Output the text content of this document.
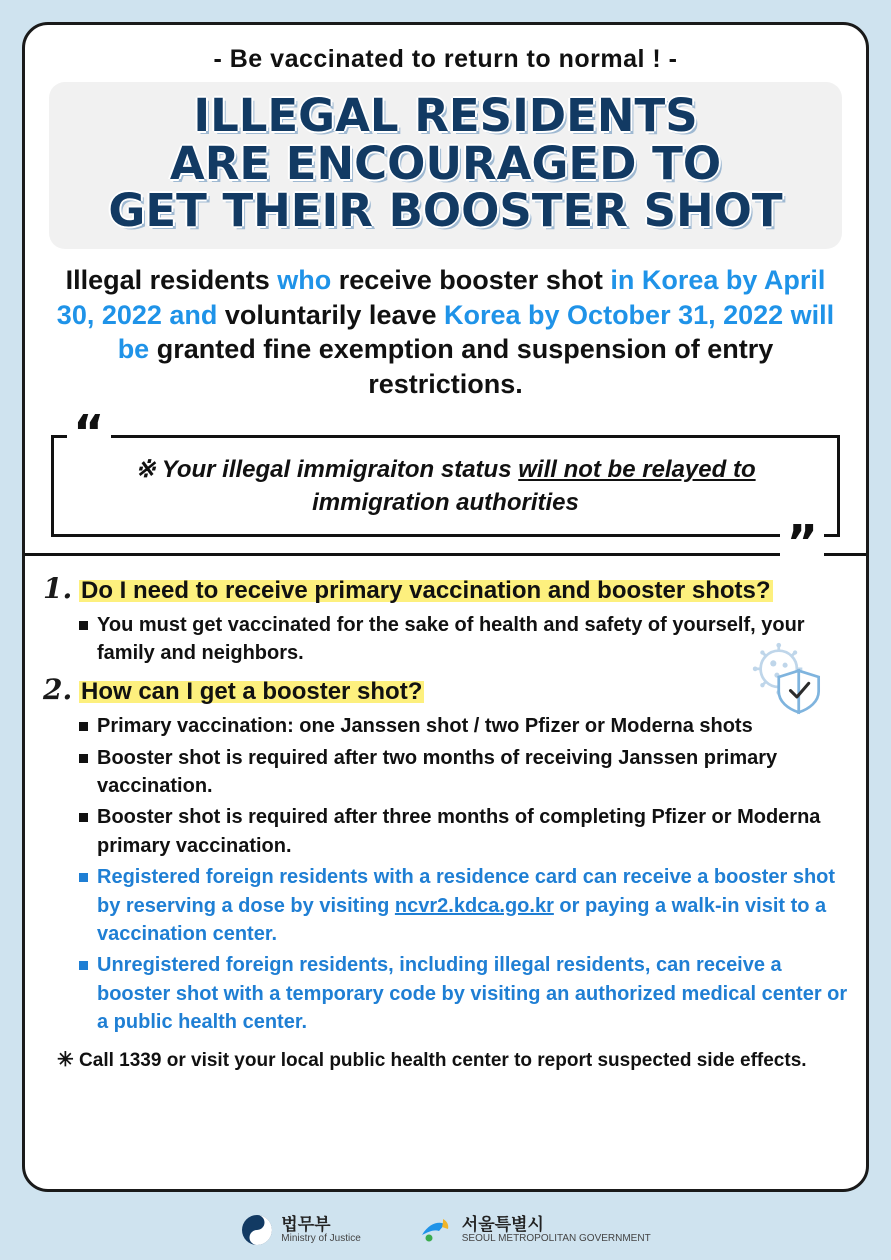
- Be vaccinated to return to normal ! -
ILLEGAL RESIDENTS
ARE ENCOURAGED TO
GET THEIR BOOSTER SHOT
Illegal residents who receive booster shot in Korea by April 30, 2022 and voluntarily leave Korea by October 31, 2022 will be granted fine exemption and suspension of entry restrictions.
“
※ Your illegal immigraiton status will not be relayed to
immigration authorities
”
1. Do I need to receive primary vaccination and booster shots?
You must get vaccinated for the sake of health and safety of yourself, your family and neighbors.
2. How can I get a booster shot?
Primary vaccination: one Janssen shot / two Pfizer or Moderna shots
Booster shot is required after two months of receiving Janssen primary vaccination.
Booster shot is required after three months of completing Pfizer or Moderna primary vaccination.
Registered foreign residents with a residence card can receive a booster shot by reserving a dose by visiting ncvr2.kdca.go.kr or paying a walk-in visit to a vaccination center.
Unregistered foreign residents, including illegal residents, can receive a booster shot with a temporary code by visiting an authorized medical center or a public health center.
✳ Call 1339 or visit your local public health center to report suspected side effects.
법무부
Ministry of Justice
서울특별시
SEOUL METROPOLITAN GOVERNMENT
